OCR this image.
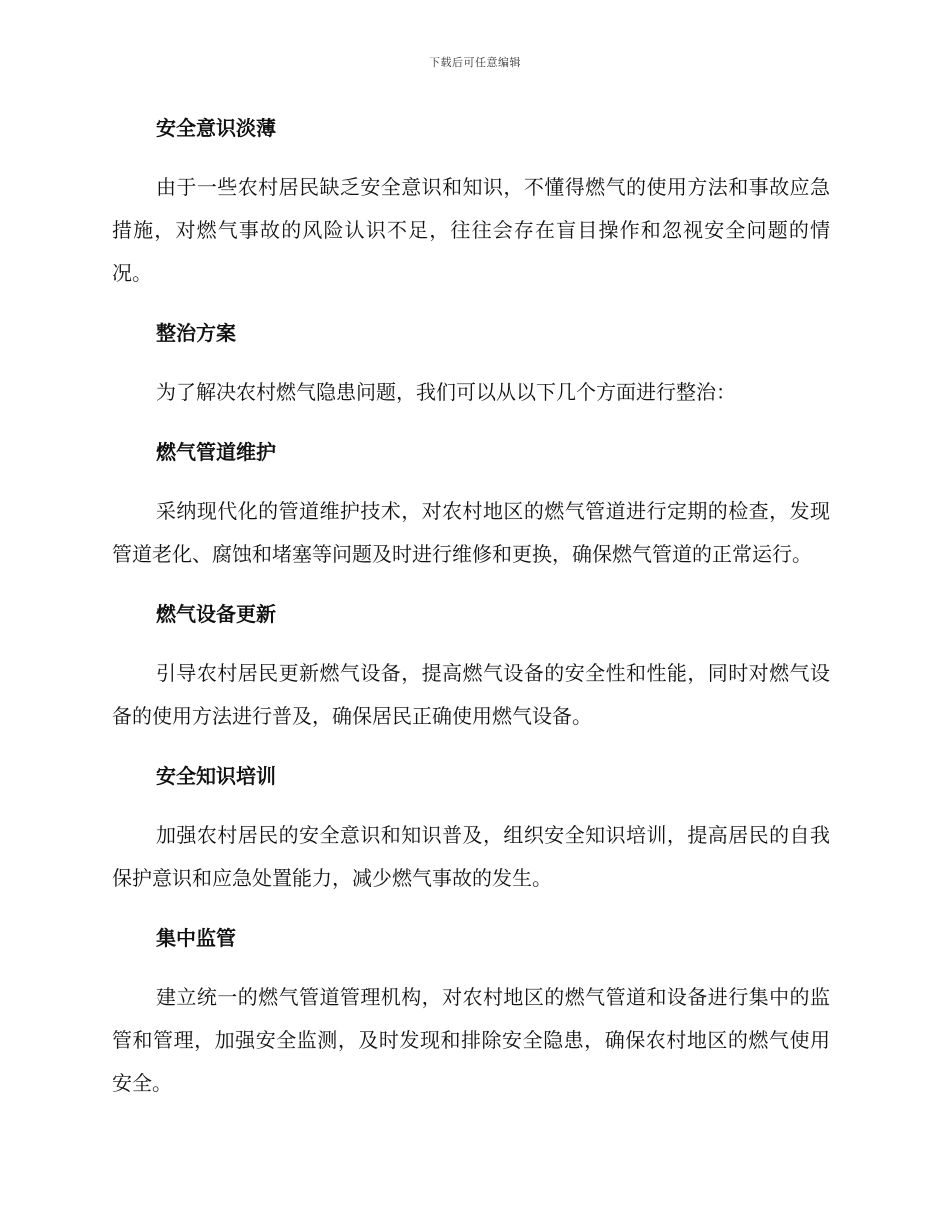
下载后可任意编辑
安全意识淡薄

由于一些农村居民缺乏安全意识和知识，不懂得燃气的使用方法和事故应急措施，对燃气事故的风险认识不足，往往会存在盲目操作和忽视安全问题的情况。

整治方案

为了解决农村燃气隐患问题，我们可以从以下几个方面进行整治：

燃气管道维护

采纳现代化的管道维护技术，对农村地区的燃气管道进行定期的检查，发现管道老化、腐蚀和堵塞等问题及时进行维修和更换，确保燃气管道的正常运行。

燃气设备更新

引导农村居民更新燃气设备，提高燃气设备的安全性和性能，同时对燃气设备的使用方法进行普及，确保居民正确使用燃气设备。

安全知识培训

加强农村居民的安全意识和知识普及，组织安全知识培训，提高居民的自我保护意识和应急处置能力，减少燃气事故的发生。

集中监管

建立统一的燃气管道管理机构，对农村地区的燃气管道和设备进行集中的监管和管理，加强安全监测，及时发现和排除安全隐患，确保农村地区的燃气使用安全。
